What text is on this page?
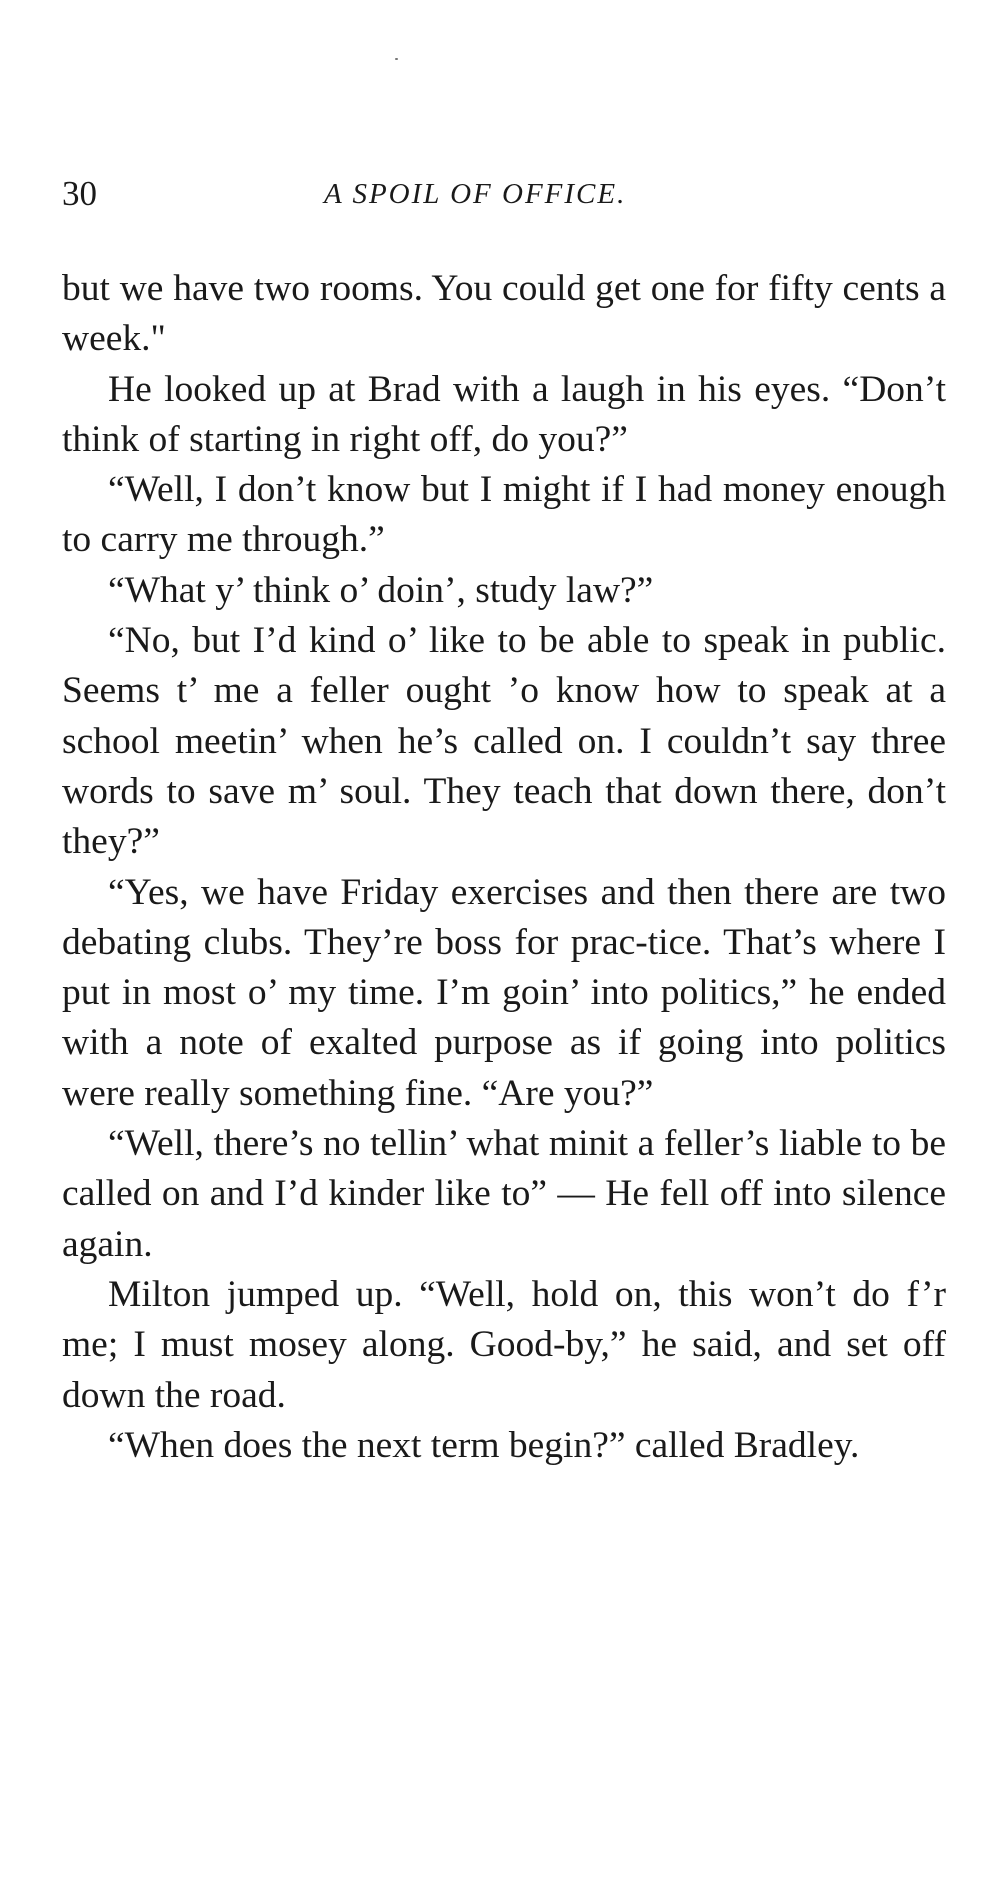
30	A SPOIL OF OFFICE.

but we have two rooms. You could get one for fifty cents a week."

He looked up at Brad with a laugh in his eyes. “Don’t think of starting in right off, do you?”

“Well, I don’t know but I might if I had money enough to carry me through.”

“What y’ think o’ doin’, study law?”

“No, but I’d kind o’ like to be able to speak in public. Seems t’ me a feller ought ’o know how to speak at a school meetin’ when he’s called on. I couldn’t say three words to save m’ soul. They teach that down there, don’t they?”

“Yes, we have Friday exercises and then there are two debating clubs. They’re boss for prac-tice. That’s where I put in most o’ my time. I’m goin’ into politics,” he ended with a note of exalted purpose as if going into politics were really something fine. “Are you?”

“Well, there’s no tellin’ what minit a feller’s liable to be called on and I’d kinder like to” — He fell off into silence again.

Milton jumped up. “Well, hold on, this won’t do f’r me; I must mosey along. Good-by,” he said, and set off down the road.

“When does the next term begin?” called Bradley.
